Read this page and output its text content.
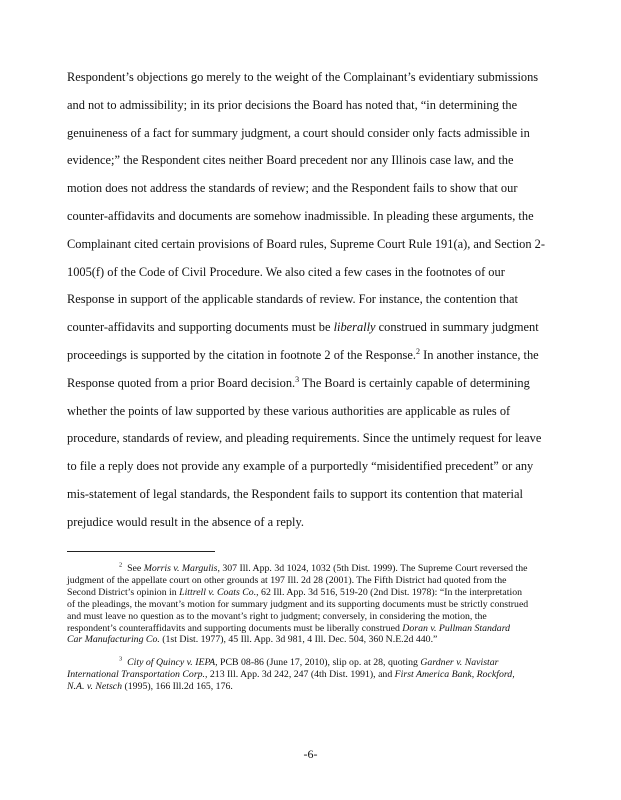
Respondent’s objections go merely to the weight of the Complainant’s evidentiary submissions
and not to admissibility; in its prior decisions the Board has noted that, “in determining the
genuineness of a fact for summary judgment, a court should consider only facts admissible in
evidence;” the Respondent cites neither Board precedent nor any Illinois case law, and the
motion does not address the standards of review; and the Respondent fails to show that our
counter-affidavits and documents are somehow inadmissible. In pleading these arguments, the
Complainant cited certain provisions of Board rules, Supreme Court Rule 191(a), and Section 2-
1005(f) of the Code of Civil Procedure. We also cited a few cases in the footnotes of our
Response in support of the applicable standards of review. For instance, the contention that
counter-affidavits and supporting documents must be liberally construed in summary judgment
proceedings is supported by the citation in footnote 2 of the Response.$^2$ In another instance, the
Response quoted from a prior Board decision.$^3$ The Board is certainly capable of determining
whether the points of law supported by these various authorities are applicable as rules of
procedure, standards of review, and pleading requirements. Since the untimely request for leave
to file a reply does not provide any example of a purportedly “misidentified precedent” or any
mis-statement of legal standards, the Respondent fails to support its contention that material
prejudice would result in the absence of a reply.
$^2$ See Morris v. Margulis, 307 Ill. App. 3d 1024, 1032 (5th Dist. 1999). The Supreme Court reversed the
judgment of the appellate court on other grounds at 197 Ill. 2d 28 (2001). The Fifth District had quoted from the
Second District’s opinion in Littrell v. Coats Co., 62 Ill. App. 3d 516, 519-20 (2nd Dist. 1978): “In the interpretation
of the pleadings, the movant’s motion for summary judgment and its supporting documents must be strictly construed
and must leave no question as to the movant’s right to judgment; conversely, in considering the motion, the
respondent’s counteraffidavits and supporting documents must be liberally construed Doran v. Pullman Standard
Car Manufacturing Co. (1st Dist. 1977), 45 Ill. App. 3d 981, 4 Ill. Dec. 504, 360 N.E.2d 440.”
$^3$ City of Quincy v. IEPA, PCB 08-86 (June 17, 2010), slip op. at 28, quoting Gardner v. Navistar
International Transportation Corp., 213 Ill. App. 3d 242, 247 (4th Dist. 1991), and First America Bank, Rockford,
N.A. v. Netsch (1995), 166 Ill.2d 165, 176.
-6-
